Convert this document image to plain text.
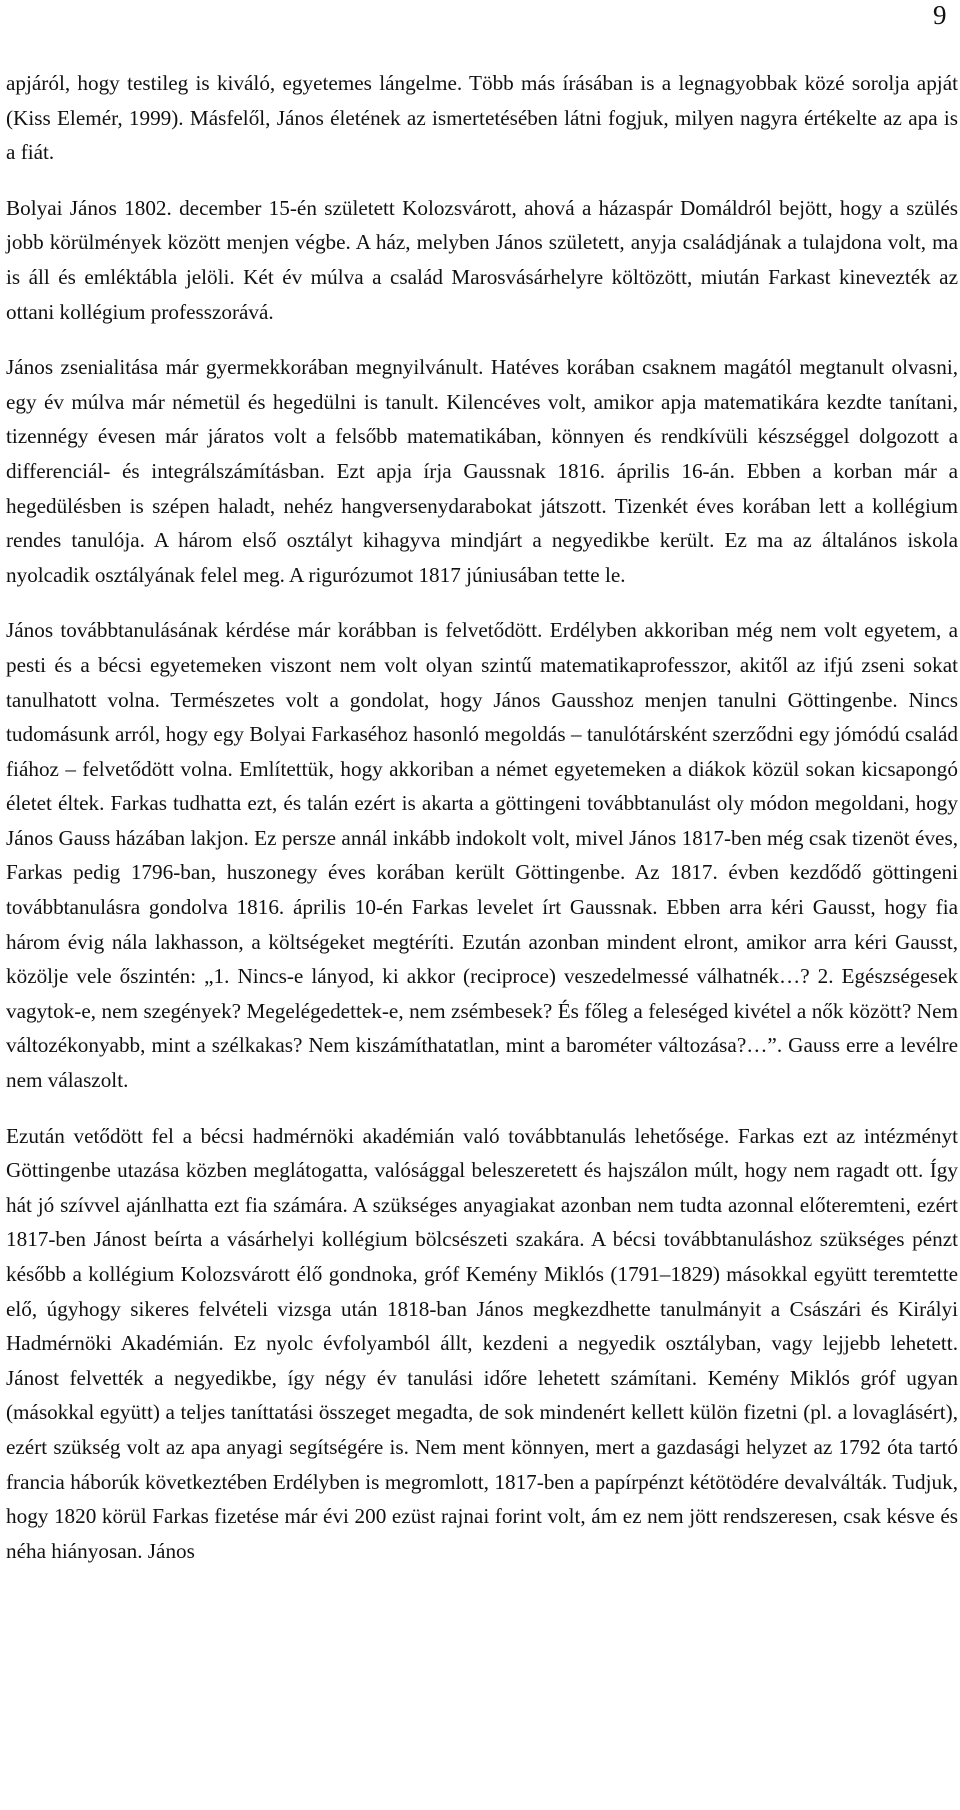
9

apjáról, hogy testileg is kiváló, egyetemes lángelme. Több más írásában is a legnagyobbak közé sorolja apját (Kiss Elemér, 1999). Másfelől, János életének az ismertetésében látni fogjuk, milyen nagyra értékelte az apa is a fiát.

Bolyai János 1802. december 15-én született Kolozsvárott, ahová a házaspár Domáldról bejött, hogy a szülés jobb körülmények között menjen végbe. A ház, melyben János született, anyja családjának a tulajdona volt, ma is áll és emléktábla jelöli. Két év múlva a család Marosvásárhelyre költözött, miután Farkast kinevezték az ottani kollégium professzorává.

János zsenialitása már gyermekkorában megnyilvánult. Hatéves korában csaknem magától megtanult olvasni, egy év múlva már németül és hegedülni is tanult. Kilencéves volt, amikor apja matematikára kezdte tanítani, tizennégy évesen már járatos volt a felsőbb matematikában, könnyen és rendkívüli készséggel dolgozott a differenciál- és integrálszámításban. Ezt apja írja Gaussnak 1816. április 16-án. Ebben a korban már a hegedülésben is szépen haladt, nehéz hangversenydarabokat játszott. Tizenkét éves korában lett a kollégium rendes tanulója. A három első osztályt kihagyva mindjárt a negyedikbe került. Ez ma az általános iskola nyolcadik osztályának felel meg. A rigurózumot 1817 júniusában tette le.

János továbbtanulásának kérdése már korábban is felvetődött. Erdélyben akkoriban még nem volt egyetem, a pesti és a bécsi egyetemeken viszont nem volt olyan szintű matematikaprofesszor, akitől az ifjú zseni sokat tanulhatott volna. Természetes volt a gondolat, hogy János Gausshoz menjen tanulni Göttingenbe. Nincs tudomásunk arról, hogy egy Bolyai Farkaséhoz hasonló megoldás – tanulótársként szerződni egy jómódú család fiához – felvetődött volna. Említettük, hogy akkoriban a német egyetemeken a diákok közül sokan kicsapongó életet éltek. Farkas tudhatta ezt, és talán ezért is akarta a göttingeni továbbtanulást oly módon megoldani, hogy János Gauss házában lakjon. Ez persze annál inkább indokolt volt, mivel János 1817-ben még csak tizenöt éves, Farkas pedig 1796-ban, huszonegy éves korában került Göttingenbe. Az 1817. évben kezdődő göttingeni továbbtanulásra gondolva 1816. április 10-én Farkas levelet írt Gaussnak. Ebben arra kéri Gausst, hogy fia három évig nála lakhasson, a költségeket megtéríti. Ezután azonban mindent elront, amikor arra kéri Gausst, közölje vele őszintén: „1. Nincs-e lányod, ki akkor (reciproce) veszedelmessé válhatnék…? 2. Egészségesek vagytok-e, nem szegények? Megelégedettek-e, nem zsémbesek? És főleg a feleséged kivétel a nők között? Nem változékonyabb, mint a szélkakas? Nem kiszámíthatatlan, mint a barométer változása?…”. Gauss erre a levélre nem válaszolt.

Ezután vetődött fel a bécsi hadmérnöki akadémián való továbbtanulás lehetősége. Farkas ezt az intézményt Göttingenbe utazása közben meglátogatta, valósággal beleszeretett és hajszálon múlt, hogy nem ragadt ott. Így hát jó szívvel ajánlhatta ezt fia számára. A szükséges anyagiakat azonban nem tudta azonnal előteremteni, ezért 1817-ben Jánost beírta a vásárhelyi kollégium bölcsészeti szakára. A bécsi továbbtanuláshoz szükséges pénzt később a kollégium Kolozsvárott élő gondnoka, gróf Kemény Miklós (1791–1829) másokkal együtt teremtette elő, úgyhogy sikeres felvételi vizsga után 1818-ban János megkezdhette tanulmányit a Császári és Királyi Hadmérnöki Akadémián. Ez nyolc évfolyamból állt, kezdeni a negyedik osztályban, vagy lejjebb lehetett. Jánost felvették a negyedikbe, így négy év tanulási időre lehetett számítani. Kemény Miklós gróf ugyan (másokkal együtt) a teljes taníttatási összeget megadta, de sok mindenért kellett külön fizetni (pl. a lovaglásért), ezért szükség volt az apa anyagi segítségére is. Nem ment könnyen, mert a gazdasági helyzet az 1792 óta tartó francia háborúk következtében Erdélyben is megromlott, 1817-ben a papírpénzt kétötödére devalválták. Tudjuk, hogy 1820 körül Farkas fizetése már évi 200 ezüst rajnai forint volt, ám ez nem jött rendszeresen, csak késve és néha hiányosan. János
